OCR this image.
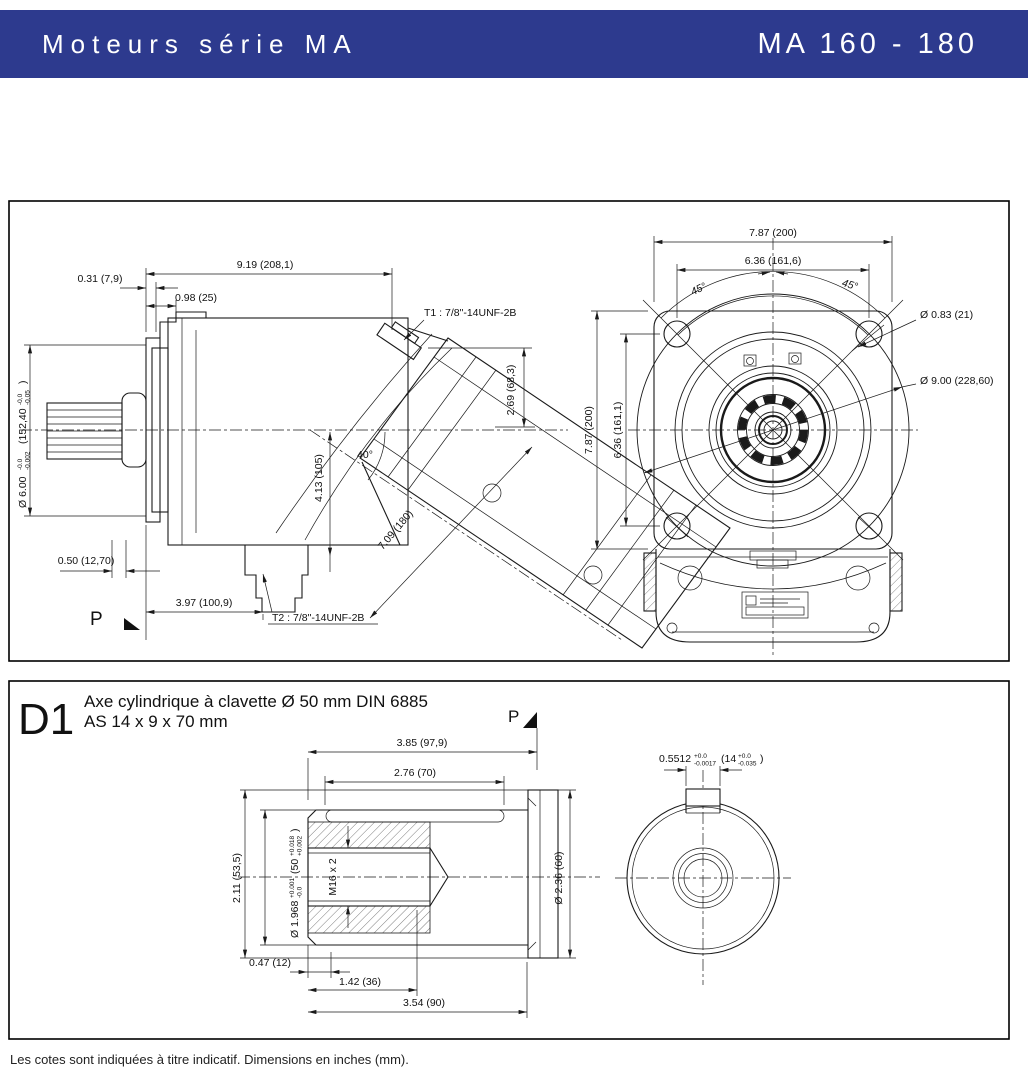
Moteurs série MA	MA 160 - 180
0.31 (7,9)
9.19 (208,1)
0.98 (25)
T1 : 7/8"-14UNF-2B
2.69 (68,3)
40°
4.13 (105)
7.09 (180)
Ø 6.00
-0.0 -0.002
(152,40
-0,0 -0,05
)
0.50 (12,70)
3.97 (100,9)
T2 : 7/8"-14UNF-2B
P
7.87 (200)
6.36 (161,6)
45°	45°
Ø 0.83 (21)
Ø 9.00 (228,60)
7.87 (200) 6.36 (161,1)
D1 Axe cylindrique à clavette Ø 50 mm DIN 6885
AS 14 x 9 x 70 mm	P
3.85 (97,9)
2.76 (70)
2.11 (53,5)
Ø 1.968
+0.001 -0.0
(50
+0.018 +0.002
)
M16 x 2
0.47 (12)
1.42 (36)
3.54 (90)
Ø 2.36 (60)
0.5512 +0.0
-0.0017 (14 +0.0
-0.035 )
Les cotes sont indiquées à titre indicatif. Dimensions en inches (mm).
